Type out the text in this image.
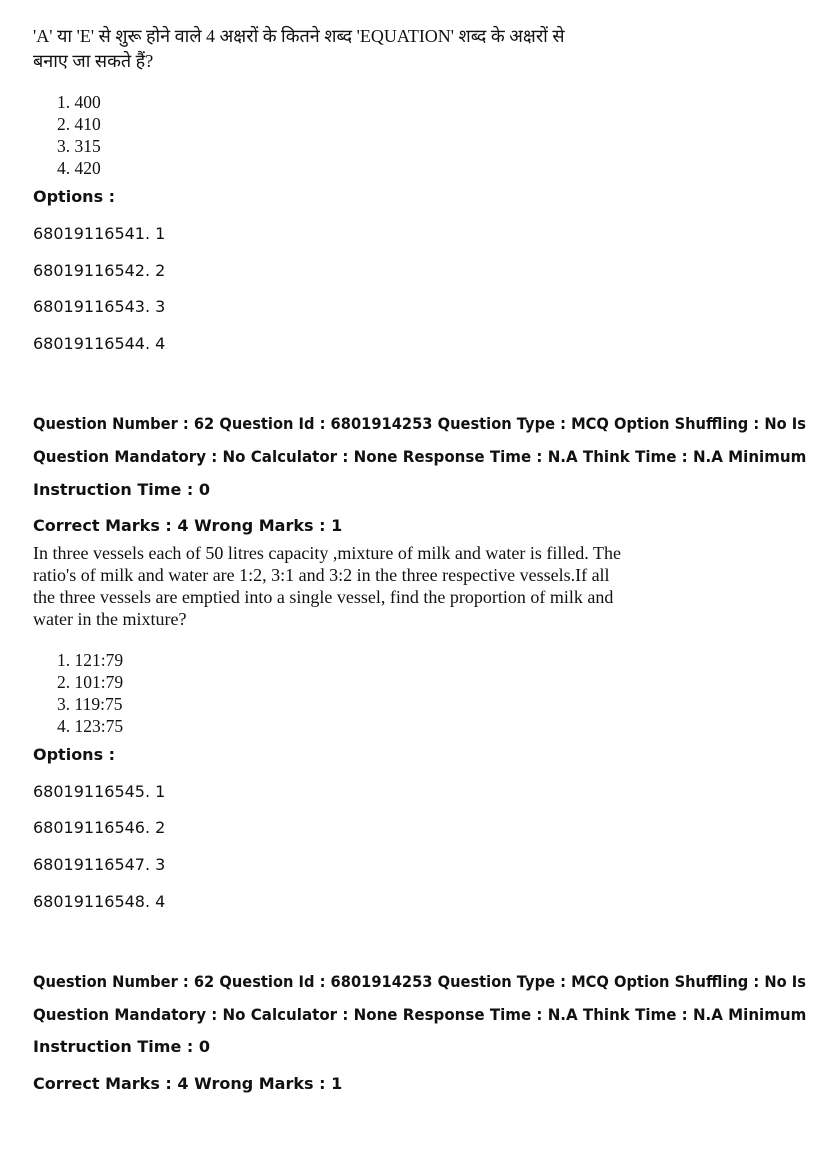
'A' या 'E' से शुरू होने वाले 4 अक्षरों के कितने शब्द 'EQUATION' शब्द के अक्षरों से
बनाए जा सकते हैं?
1. 400
2. 410
3. 315
4. 420
Options :
68019116541. 1
68019116542. 2
68019116543. 3
68019116544. 4
Question Number : 62 Question Id : 6801914253 Question Type : MCQ Option Shuffling : No Is
Question Mandatory : No Calculator : None Response Time : N.A Think Time : N.A Minimum
Instruction Time : 0
Correct Marks : 4 Wrong Marks : 1
In three vessels each of 50 litres capacity ,mixture of milk and water is filled. The
ratio's of milk and water are 1:2, 3:1 and 3:2 in the three respective vessels.If all
the three vessels are emptied into a single vessel, find the proportion of milk and
water in the mixture?
1. 121:79
2. 101:79
3. 119:75
4. 123:75
Options :
68019116545. 1
68019116546. 2
68019116547. 3
68019116548. 4
Question Number : 62 Question Id : 6801914253 Question Type : MCQ Option Shuffling : No Is
Question Mandatory : No Calculator : None Response Time : N.A Think Time : N.A Minimum
Instruction Time : 0
Correct Marks : 4 Wrong Marks : 1
